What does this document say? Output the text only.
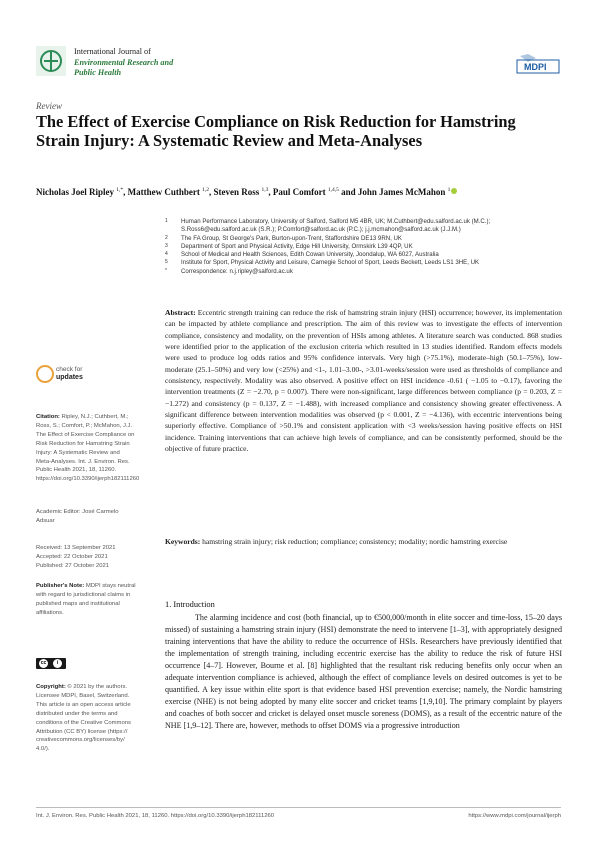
International Journal of
Environmental Research and Public Health
MDPI
Review
The Effect of Exercise Compliance on Risk Reduction for Hamstring Strain Injury: A Systematic Review and Meta-Analyses
Nicholas Joel Ripley $^{1,*}$, Matthew Cuthbert $^{1,2}$, Steven Ross $^{1,3}$, Paul Comfort $^{1,4,5}$ and John James McMahon $^1$
1 Human Performance Laboratory, University of Salford, Salford M5 4BR, UK; M.Cuthbert@edu.salford.ac.uk (M.C.); S.Ross6@edu.salford.ac.uk (S.R.); P.Comfort@salford.ac.uk (P.C.); j.j.mcmahon@salford.ac.uk (J.J.M.)
2 The FA Group, St George's Park, Burton-upon-Trent, Staffordshire DE13 9RN, UK
3 Department of Sport and Physical Activity, Edge Hill University, Ormskirk L39 4QP, UK
4 School of Medical and Health Sciences, Edith Cowan University, Joondalup, WA 6027, Australia
5 Institute for Sport, Physical Activity and Leisure, Carnegie School of Sport, Leeds Beckett, Leeds LS1 3HE, UK
* Correspondence: n.j.ripley@salford.ac.uk
Abstract: Eccentric strength training can reduce the risk of hamstring strain injury (HSI) occurrence; however, its implementation can be impacted by athlete compliance and prescription. The aim of this review was to investigate the effects of intervention compliance, consistency and modality, on the prevention of HSIs among athletes. A literature search was conducted. 868 studies were identified prior to the application of the exclusion criteria which resulted in 13 studies identified. Random effects models were used to produce log odds ratios and 95% confidence intervals. Very high (>75.1%), moderate–high (50.1–75%), low-moderate (25.1–50%) and very low (<25%) and <1-, 1.01–3.00-, >3.01-weeks/session were used as thresholds of compliance and consistency, respectively. Modality was also observed. A positive effect on HSI incidence -0.61 ( −1.05 to −0.17), favoring the intervention treatments (Z = −2.70, p = 0.007). There were non-significant, large differences between compliance (p = 0.203, Z = −1.272) and consistency (p = 0.137, Z = −1.488), with increased compliance and consistency showing greater effectiveness. A significant difference between intervention modalities was observed (p < 0.001, Z = −4.136), with eccentric interventions being superiorly effective. Compliance of >50.1% and consistent application with <3 weeks/session having positive effects on HSI incidence. Training interventions that can achieve high levels of compliance, and can be consistently performed, should be the objective of future practice.
Keywords: hamstring strain injury; risk reduction; compliance; consistency; modality; nordic hamstring exercise
check for
updates
Citation: Ripley, N.J.; Cuthbert, M.; Ross, S.; Comfort, P.; McMahon, J.J. The Effect of Exercise Compliance on Risk Reduction for Hamstring Strain Injury: A Systematic Review and Meta-Analyses. Int. J. Environ. Res. Public Health 2021, 18, 11260. https://doi.org/10.3390/ijerph182111260
Academic Editor: José Carmelo Adsuar
Received: 13 September 2021
Accepted: 22 October 2021
Published: 27 October 2021
Publisher's Note: MDPI stays neutral with regard to jurisdictional claims in published maps and institutional affiliations.
cc	i
Copyright: © 2021 by the authors. Licensee MDPI, Basel, Switzerland. This article is an open access article distributed under the terms and conditions of the Creative Commons Attribution (CC BY) license (https:// creativecommons.org/licenses/by/ 4.0/).
1. Introduction
The alarming incidence and cost (both financial, up to €500,000/month in elite soccer and time-loss, 15–20 days missed) of sustaining a hamstring strain injury (HSI) demonstrate the need to intervene [1–3], with appropriately designed training interventions that have the ability to reduce the occurrence of HSIs. Researchers have previously identified that the implementation of strength training, including eccentric exercise has the ability to reduce the risk of future HSI occurrence [4–7]. However, Bourne et al. [8] highlighted that the resultant risk reducing benefits only occur when an adequate intervention compliance is achieved, although the effect of compliance levels on desired outcomes is yet to be quantified. A key issue within elite sport is that evidence based HSI prevention exercise; namely, the Nordic hamstring exercise (NHE) is not being adopted by many elite soccer and cricket teams [1,9,10]. The primary complaint by players and coaches of both soccer and cricket is delayed onset muscle soreness (DOMS), as a result of the eccentric nature of the NHE [1,9–12]. There are, however, methods to offset DOMS via a progressive introduction
Int. J. Environ. Res. Public Health 2021, 18, 11260. https://doi.org/10.3390/ijerph182111260	https://www.mdpi.com/journal/ijerph
